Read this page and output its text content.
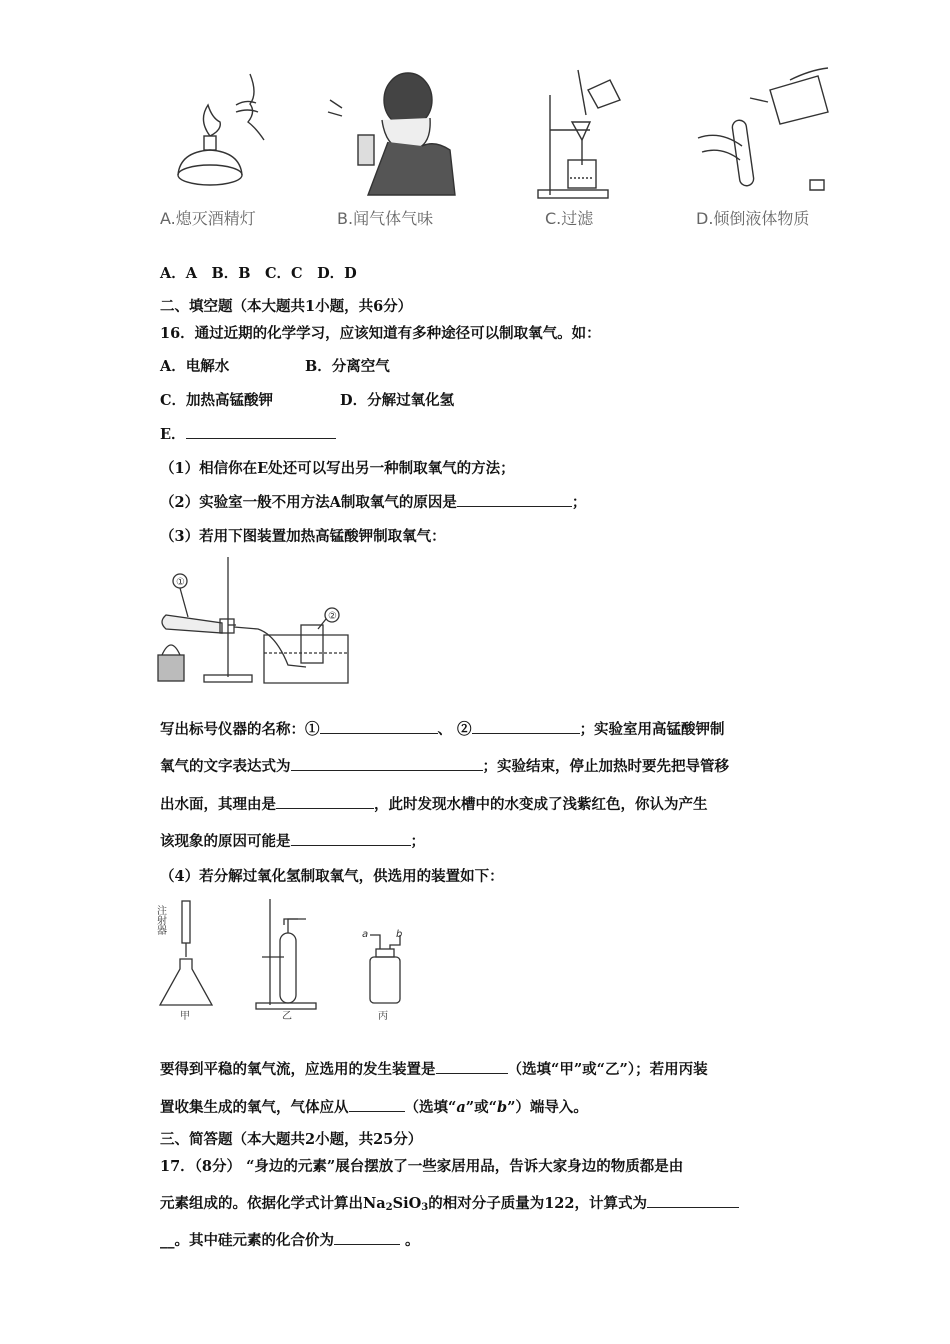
A.熄灭酒精灯	B.闻气体气味	C.过滤	D.倾倒液体物质
A．A　B．B　C．C　D．D
二、填空题（本大题共1小题，共6分）
16．通过近期的化学学习，应该知道有多种途径可以制取氧气。如：
A．电解水	B．分离空气
C．加热高锰酸钾	D．分解过氧化氢
E．
（1）相信你在E处还可以写出另一种制取氧气的方法；
（2）实验室一般不用方法A制取氧气的原因是	；
（3）若用下图装置加热高锰酸钾制取氧气：
①
②
写出标号仪器的名称：①	、 ②	；实验室用高锰酸钾制
氧气的文字表达式为	；实验结束，停止加热时要先把导管移
出水面，其理由是	，此时发现水槽中的水变成了浅紫红色，你认为产生
该现象的原因可能是	；
（4）若分解过氧化氢制取氧气，供选用的装置如下：
注射器
甲	乙	丙
a	b
要得到平稳的氧气流，应选用的发生装置是	（选填“甲”或“乙”）；若用丙装
置收集生成的氧气，气体应从	（选填“a”或“b”）端导入。
三、简答题（本大题共2小题，共25分）
17．（8分） “身边的元素”展台摆放了一些家居用品，告诉大家身边的物质都是由
元素组成的。依据化学式计算出$Na_2SiO_3$的相对分子质量为122，计算式为
__。其中硅元素的化合价为	。
